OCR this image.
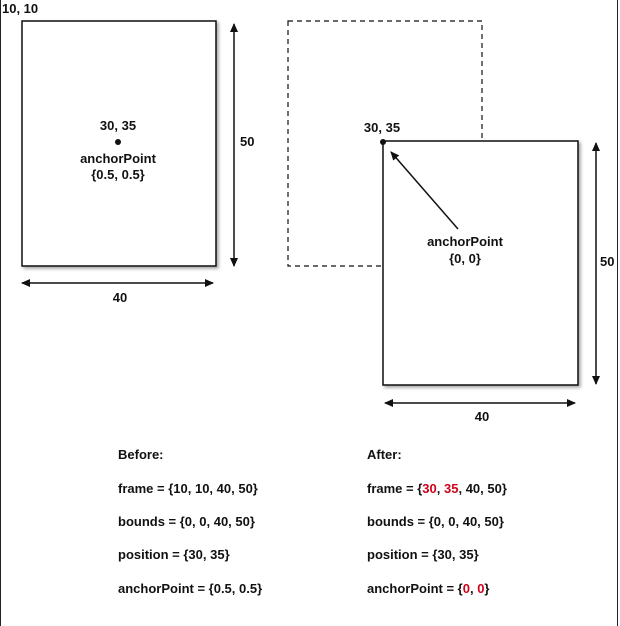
10, 10
30, 35
anchorPoint
{0.5, 0.5}
50
40
30, 35
anchorPoint
{0, 0}	50
40
Before:
frame = {10, 10, 40, 50}
bounds = {0, 0, 40, 50}
position = {30, 35}
anchorPoint = {0.5, 0.5}
After:
frame = {30, 35, 40, 50}
bounds = {0, 0, 40, 50}
position = {30, 35}
anchorPoint = {0, 0}
